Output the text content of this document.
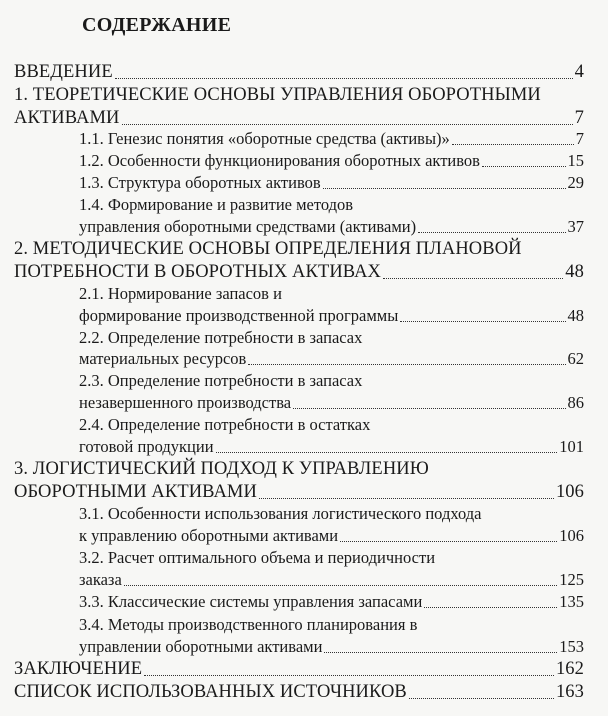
СОДЕРЖАНИЕ
ВВЕДЕНИЕ	4
1. ТЕОРЕТИЧЕСКИЕ ОСНОВЫ УПРАВЛЕНИЯ ОБОРОТНЫМИ
АКТИВАМИ	7
1.1. Генезис понятия «оборотные средства (активы)»	7
1.2. Особенности функционирования оборотных активов	15
1.3. Структура оборотных активов	29
1.4. Формирование и развитие методов
управления оборотными средствами (активами)	37
2. МЕТОДИЧЕСКИЕ ОСНОВЫ ОПРЕДЕЛЕНИЯ ПЛАНОВОЙ
ПОТРЕБНОСТИ В ОБОРОТНЫХ АКТИВАХ	48
2.1. Нормирование запасов и
формирование производственной программы	48
2.2. Определение потребности в запасах
материальных ресурсов	62
2.3. Определение потребности в запасах
незавершенного производства	86
2.4. Определение потребности в остатках
готовой продукции	101
3. ЛОГИСТИЧЕСКИЙ ПОДХОД К УПРАВЛЕНИЮ
ОБОРОТНЫМИ АКТИВАМИ	106
3.1. Особенности использования логистического подхода
к управлению оборотными активами	106
3.2. Расчет оптимального объема и периодичности
заказа	125
3.3. Классические системы управления запасами	135
3.4. Методы производственного планирования в
управлении оборотными активами	153
ЗАКЛЮЧЕНИЕ	162
СПИСОК ИСПОЛЬЗОВАННЫХ ИСТОЧНИКОВ	163
